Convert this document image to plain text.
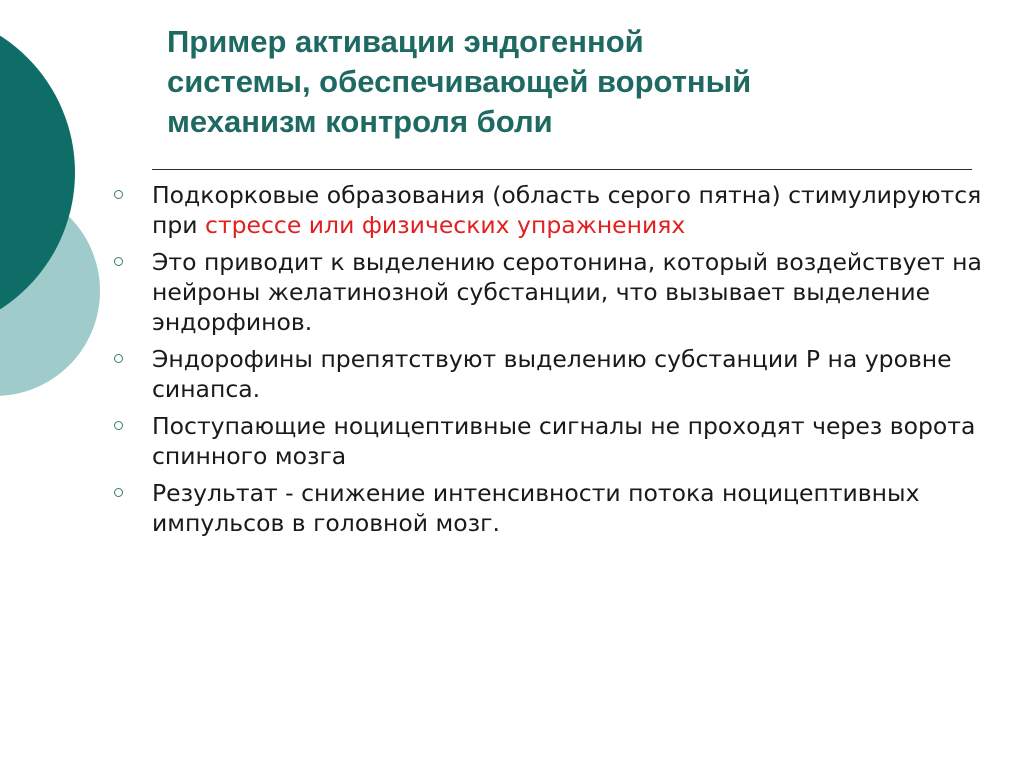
Пример активации эндогенной
системы, обеспечивающей воротный
механизм контроля боли
Подкорковые образования (область серого пятна) стимулируются при стрессе или физических упражнениях
Это приводит к выделению серотонина, который воздействует на нейроны желатинозной субстанции, что вызывает выделение эндорфинов.
Эндорофины препятствуют выделению субстанции Р на уровне синапса.
Поступающие ноцицептивные сигналы не проходят через ворота спинного мозга
Результат - снижение интенсивности потока ноцицептивных импульсов в головной мозг.
